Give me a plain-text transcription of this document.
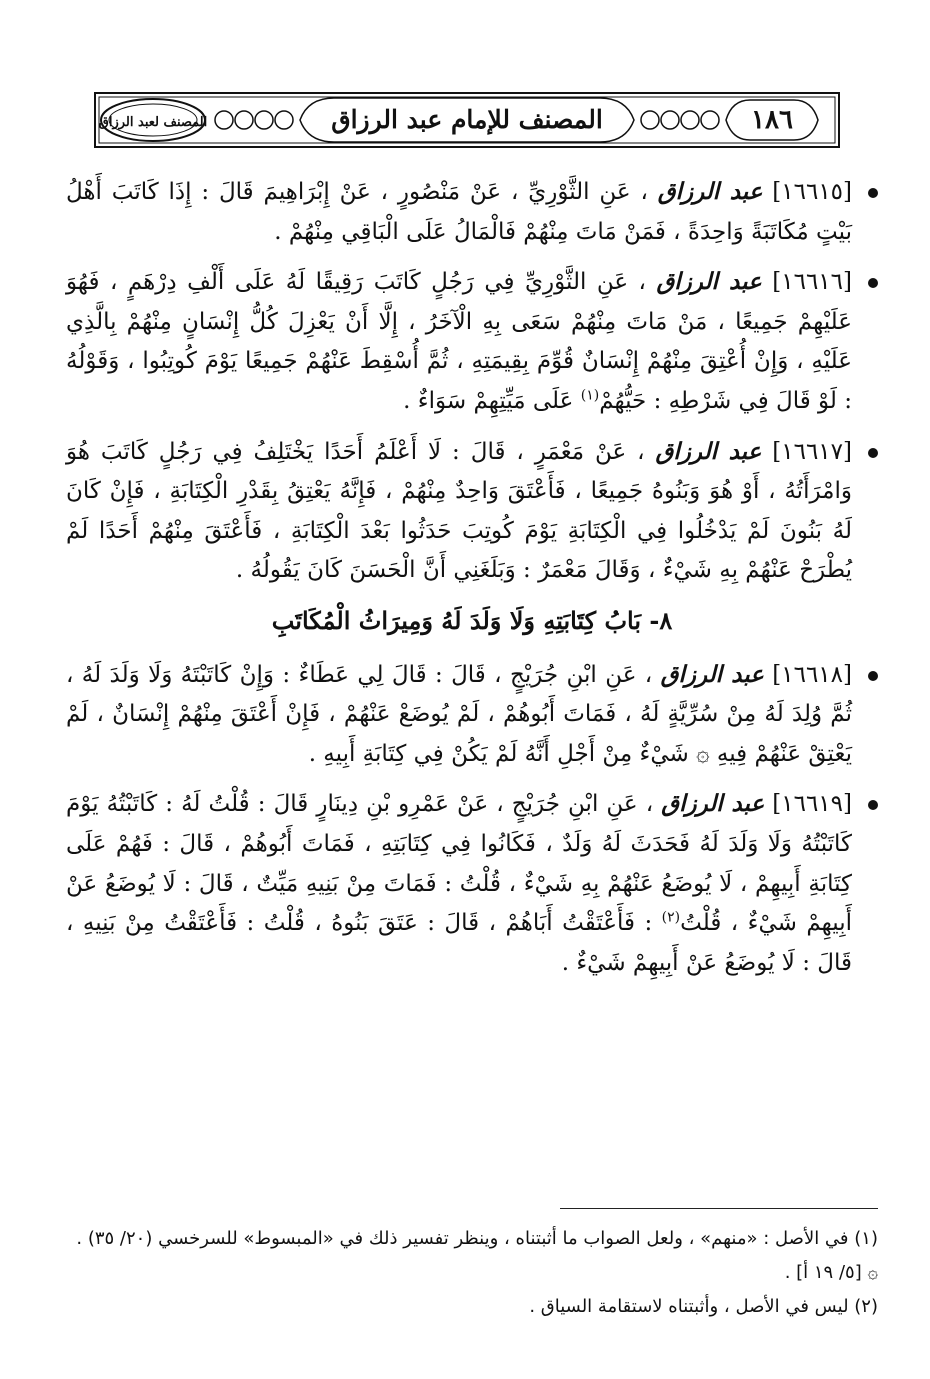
المصنف لعبد الرزاق	المصنف للإمام عبد الرزاق	١٨٦

[١٦٦١٥] عبد الرزاق ، عَنِ الثَّوْرِيِّ ، عَنْ مَنْصُورٍ ، عَنْ إِبْرَاهِيمَ قَالَ : إِذَا كَاتَبَ أَهْلُ بَيْتٍ مُكَاتَبَةً وَاحِدَةً ، فَمَنْ مَاتَ مِنْهُمْ فَالْمَالُ عَلَى الْبَاقِي مِنْهُمْ .

[١٦٦١٦] عبد الرزاق ، عَنِ الثَّوْرِيِّ فِي رَجُلٍ كَاتَبَ رَقِيقًا لَهُ عَلَى أَلْفِ دِرْهَمٍ ، فَهُوَ عَلَيْهِمْ جَمِيعًا ، مَنْ مَاتَ مِنْهُمْ سَعَى بِهِ الْآخَرُ ، إِلَّا أَنْ يَعْزِلَ كُلُّ إِنْسَانٍ مِنْهُمْ بِالَّذِي عَلَيْهِ ، وَإِنْ أُعْتِقَ مِنْهُمْ إِنْسَانٌ قُوِّمَ بِقِيمَتِهِ ، ثُمَّ أُسْقِطَ عَنْهُمْ جَمِيعًا يَوْمَ كُوتِبُوا ، وَقَوْلُهُ : لَوْ قَالَ فِي شَرْطِهِ : حَيُّهُمْ$^{(١)}$ عَلَى مَيِّتِهِمْ سَوَاءٌ .

[١٦٦١٧] عبد الرزاق ، عَنْ مَعْمَرٍ ، قَالَ : لَا أَعْلَمُ أَحَدًا يَخْتَلِفُ فِي رَجُلٍ كَاتَبَ هُوَ وَامْرَأَتُهُ ، أَوْ هُوَ وَبَنُوهُ جَمِيعًا ، فَأَعْتَقَ وَاحِدٌ مِنْهُمْ ، فَإِنَّهُ يَعْتِقُ بِقَدْرِ الْكِتَابَةِ ، فَإِنْ كَانَ لَهُ بَنُونَ لَمْ يَدْخُلُوا فِي الْكِتَابَةِ يَوْمَ كُوتِبَ حَدَثُوا بَعْدَ الْكِتَابَةِ ، فَأَعْتَقَ مِنْهُمْ أَحَدًا لَمْ يُطْرَحْ عَنْهُمْ بِهِ شَيْءٌ ، وَقَالَ مَعْمَرٌ : وَبَلَغَنِي أَنَّ الْحَسَنَ كَانَ يَقُولُهُ .

٨- بَابُ كِتَابَتِهِ وَلَا وَلَدَ لَهُ وَمِيرَاثُ الْمُكَاتَبِ

[١٦٦١٨] عبد الرزاق ، عَنِ ابْنِ جُرَيْجٍ ، قَالَ : قَالَ لِي عَطَاءٌ : وَإِنْ كَاتَبْتَهُ وَلَا وَلَدَ لَهُ ، ثُمَّ وُلِدَ لَهُ مِنْ سُرِّيَّةٍ لَهُ ، فَمَاتَ أَبُوهُمْ ، لَمْ يُوضَعْ عَنْهُمْ ، فَإِنْ أَعْتَقَ مِنْهُمْ إِنْسَانٌ ، لَمْ يَعْتِقْ عَنْهُمْ فِيهِ ۞ شَيْءٌ مِنْ أَجْلِ أَنَّهُ لَمْ يَكُنْ فِي كِتَابَةِ أَبِيهِ .

[١٦٦١٩] عبد الرزاق ، عَنِ ابْنِ جُرَيْجٍ ، عَنْ عَمْرِو بْنِ دِينَارٍ قَالَ : قُلْتُ لَهُ : كَاتَبْتُهُ يَوْمَ كَاتَبْتُهُ وَلَا وَلَدَ لَهُ فَحَدَثَ لَهُ وَلَدٌ ، فَكَانُوا فِي كِتَابَتِهِ ، فَمَاتَ أَبُوهُمْ ، قَالَ : فَهُمْ عَلَى كِتَابَةِ أَبِيهِمْ ، لَا يُوضَعُ عَنْهُمْ بِهِ شَيْءٌ ، قُلْتُ : فَمَاتَ مِنْ بَنِيهِ مَيِّتٌ ، قَالَ : لَا يُوضَعُ عَنْ أَبِيهِمْ شَيْءٌ ، قُلْتُ$^{(٢)}$ : فَأَعْتَقْتُ أَبَاهُمْ ، قَالَ : عَتَقَ بَنُوهُ ، قُلْتُ : فَأَعْتَقْتُ مِنْ بَنِيهِ ، قَالَ : لَا يُوضَعُ عَنْ أَبِيهِمْ شَيْءٌ .

(١) في الأصل : «منهم» ، ولعل الصواب ما أثبتناه ، وينظر تفسير ذلك في «المبسوط» للسرخسي (٢٠/ ٣٥) .

۞ [٥/ ١٩ أ] .

(٢) ليس في الأصل ، وأثبتناه لاستقامة السياق .
